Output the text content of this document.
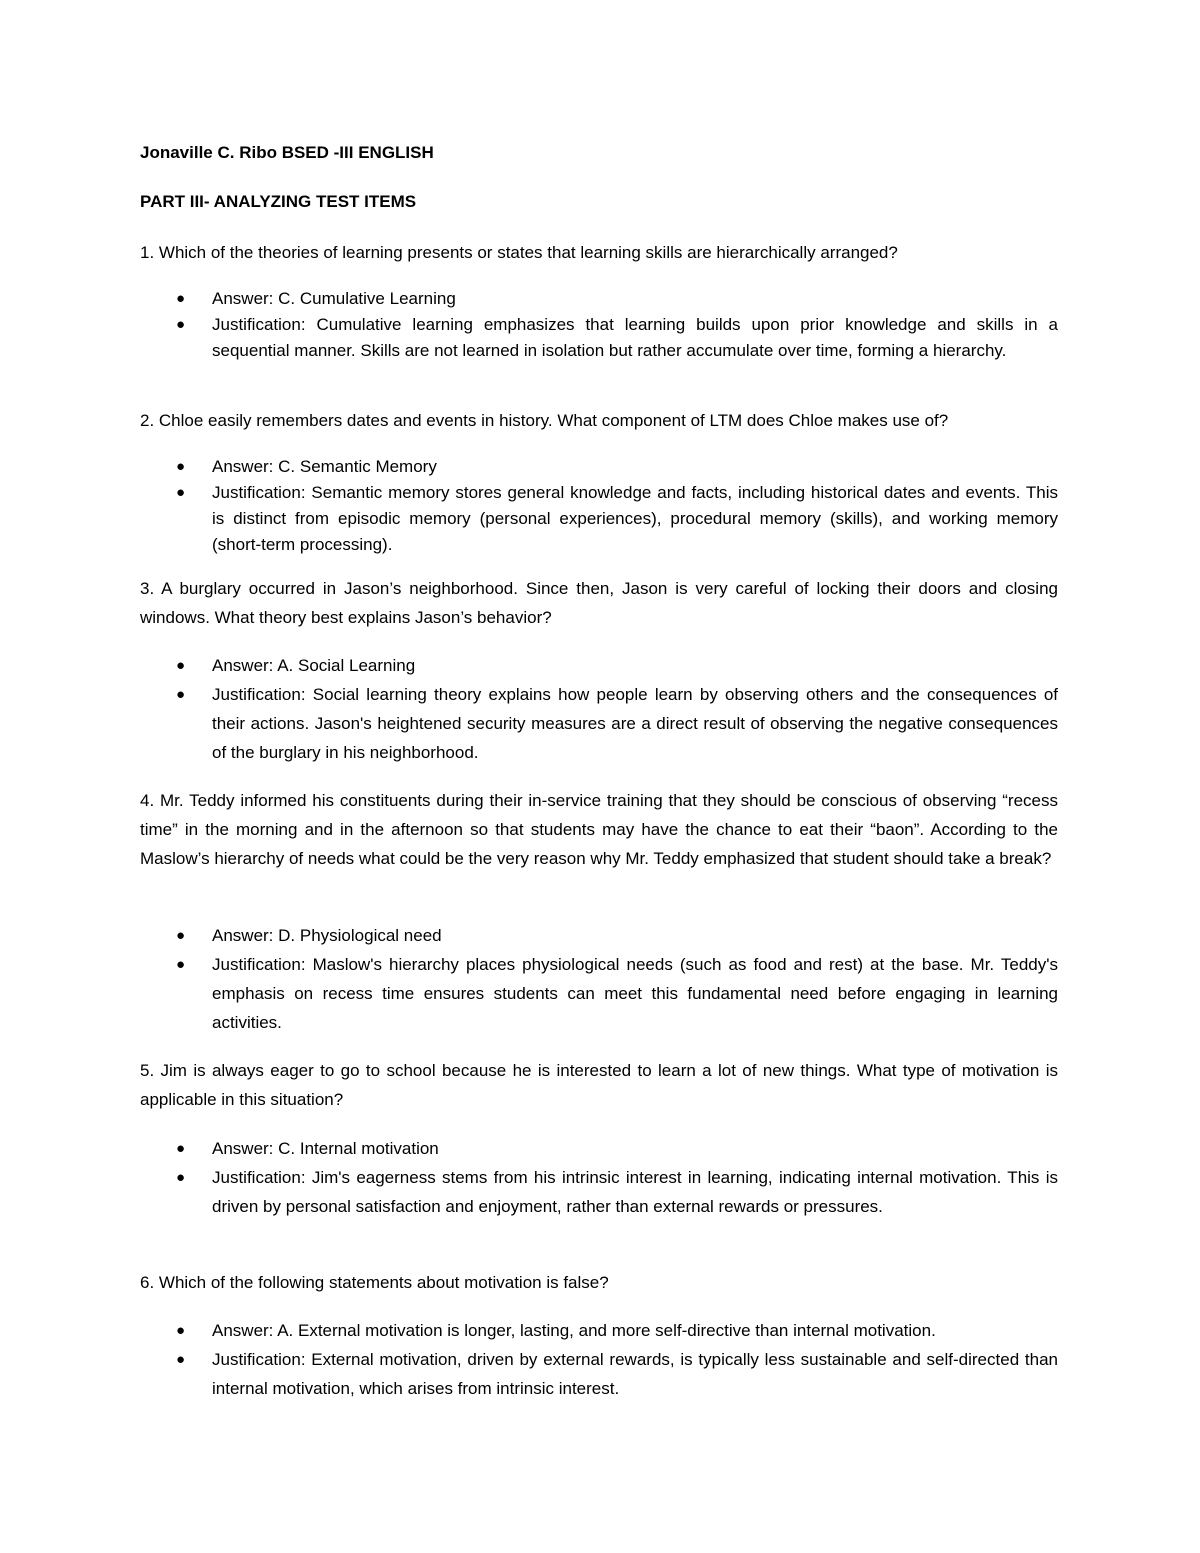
Jonaville C. Ribo BSED -III ENGLISH
PART III- ANALYZING TEST ITEMS
1. Which of the theories of learning presents or states that learning skills are hierarchically arranged?
● Answer: C. Cumulative Learning
● Justification: Cumulative learning emphasizes that learning builds upon prior knowledge and skills in a sequential manner. Skills are not learned in isolation but rather accumulate over time, forming a hierarchy.
2. Chloe easily remembers dates and events in history. What component of LTM does Chloe makes use of?
● Answer: C. Semantic Memory
● Justification: Semantic memory stores general knowledge and facts, including historical dates and events. This is distinct from episodic memory (personal experiences), procedural memory (skills), and working memory (short-term processing).
3. A burglary occurred in Jason’s neighborhood. Since then, Jason is very careful of locking their doors and closing windows. What theory best explains Jason’s behavior?
● Answer: A. Social Learning
● Justification: Social learning theory explains how people learn by observing others and the consequences of their actions. Jason's heightened security measures are a direct result of observing the negative consequences of the burglary in his neighborhood.
4. Mr. Teddy informed his constituents during their in-service training that they should be conscious of observing “recess time” in the morning and in the afternoon so that students may have the chance to eat their “baon”. According to the Maslow’s hierarchy of needs what could be the very reason why Mr. Teddy emphasized that student should take a break?
● Answer: D. Physiological need
● Justification: Maslow's hierarchy places physiological needs (such as food and rest) at the base. Mr. Teddy's emphasis on recess time ensures students can meet this fundamental need before engaging in learning activities.
5. Jim is always eager to go to school because he is interested to learn a lot of new things. What type of motivation is applicable in this situation?
● Answer: C. Internal motivation
● Justification: Jim's eagerness stems from his intrinsic interest in learning, indicating internal motivation. This is driven by personal satisfaction and enjoyment, rather than external rewards or pressures.
6. Which of the following statements about motivation is false?
● Answer: A. External motivation is longer, lasting, and more self-directive than internal motivation.
● Justification: External motivation, driven by external rewards, is typically less sustainable and self-directed than internal motivation, which arises from intrinsic interest.
